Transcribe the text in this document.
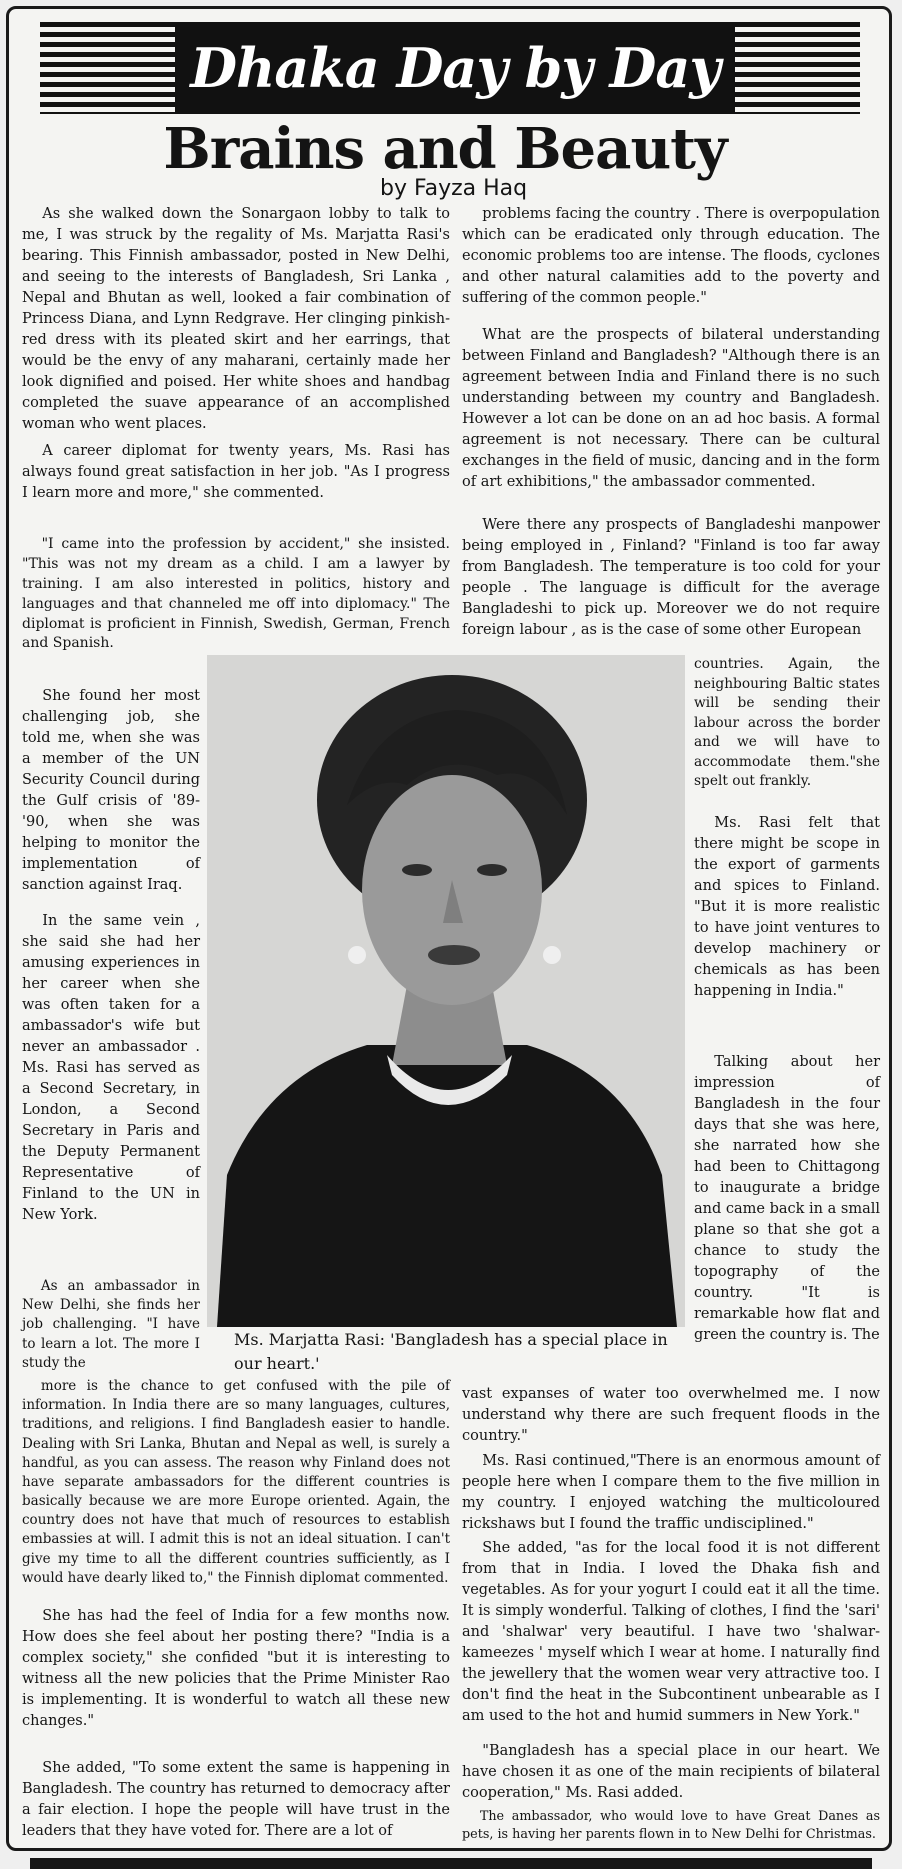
Dhaka Day by Day
Brains and Beauty
by Fayza Haq

As she walked down the Sonargaon lobby to talk to me, I was struck by the regality of Ms. Marjatta Rasi's bearing. This Finnish ambassador, posted in New Delhi, and seeing to the interests of Bangladesh, Sri Lanka , Nepal and Bhutan as well, looked a fair combination of Princess Diana, and Lynn Redgrave. Her clinging pinkish-red dress with its pleated skirt and her earrings, that would be the envy of any maharani, certainly made her look dignified and poised. Her white shoes and handbag completed the suave appearance of an accomplished woman who went places.

A career diplomat for twenty years, Ms. Rasi has always found great satisfaction in her job. "As I progress I learn more and more," she commented.

"I came into the profession by accident," she insisted. "This was not my dream as a child. I am a lawyer by training. I am also interested in politics, history and languages and that channeled me off into diplomacy." The diplomat is proficient in Finnish, Swedish, German, French and Spanish.

She found her most challenging job, she told me, when she was a member of the UN Security Council during the Gulf crisis of '89-'90, when she was helping to monitor the implementation of sanction against Iraq.

In the same vein , she said she had her amusing experiences in her career when she was often taken for a ambassador's wife but never an ambassador . Ms. Rasi has served as a Second Secretary, in London, a Second Secretary in Paris and the Deputy Permanent Representative of Finland to the UN in New York.

As an ambassador in New Delhi, she finds her job challenging. "I have to learn a lot. The more I study the

more is the chance to get confused with the pile of information. In India there are so many languages, cultures, traditions, and religions. I find Bangladesh easier to handle. Dealing with Sri Lanka, Bhutan and Nepal as well, is surely a handful, as you can assess. The reason why Finland does not have separate ambassadors for the different countries is basically because we are more Europe oriented. Again, the country does not have that much of resources to establish embassies at will. I admit this is not an ideal situation. I can't give my time to all the different countries sufficiently, as I would have dearly liked to," the Finnish diplomat commented.

She has had the feel of India for a few months now. How does she feel about her posting there? "India is a complex society," she confided "but it is interesting to witness all the new policies that the Prime Minister Rao is implementing. It is wonderful to watch all these new changes."

She added, "To some extent the same is happening in Bangladesh. The country has returned to democracy after a fair election. I hope the people will have trust in the leaders that they have voted for. There are a lot of

problems facing the country . There is overpopulation which can be eradicated only through education. The economic problems too are intense. The floods, cyclones and other natural calamities add to the poverty and suffering of the common people."

What are the prospects of bilateral understanding between Finland and Bangladesh? "Although there is an agreement between India and Finland there is no such understanding between my country and Bangladesh. However a lot can be done on an ad hoc basis. A formal agreement is not necessary. There can be cultural exchanges in the field of music, dancing and in the form of art exhibitions," the ambassador commented.

Were there any prospects of Bangladeshi manpower being employed in , Finland? "Finland is too far away from Bangladesh. The temperature is too cold for your people . The language is difficult for the average Bangladeshi to pick up. Moreover we do not require foreign labour , as is the case of some other European

countries. Again, the neighbouring Baltic states will be sending their labour across the border and we will have to accommodate them."she spelt out frankly.

Ms. Rasi felt that there might be scope in the export of garments and spices to Finland. "But it is more realistic to have joint ventures to develop machinery or chemicals as has been happening in India."

Talking about her impression of Bangladesh in the four days that she was here, she narrated how she had been to Chittagong to inaugurate a bridge and came back in a small plane so that she got a chance to study the topography of the country. "It is remarkable how flat and green the country is. The

vast expanses of water too overwhelmed me. I now understand why there are such frequent floods in the country."

Ms. Rasi continued,"There is an enormous amount of people here when I compare them to the five million in my country. I enjoyed watching the multicoloured rickshaws but I found the traffic undisciplined."

She added, "as for the local food it is not different from that in India. I loved the Dhaka fish and vegetables. As for your yogurt I could eat it all the time. It is simply wonderful. Talking of clothes, I find the 'sari' and 'shalwar' very beautiful. I have two 'shalwar-kameezes ' myself which I wear at home. I naturally find the jewellery that the women wear very attractive too. I don't find the heat in the Subcontinent unbearable as I am used to the hot and humid summers in New York."

"Bangladesh has a special place in our heart. We have chosen it as one of the main recipients of bilateral cooperation," Ms. Rasi added.

The ambassador, who would love to have Great Danes as pets, is having her parents flown in to New Delhi for Christmas.

Ms. Marjatta Rasi: 'Bangladesh has a special place in our heart.'
